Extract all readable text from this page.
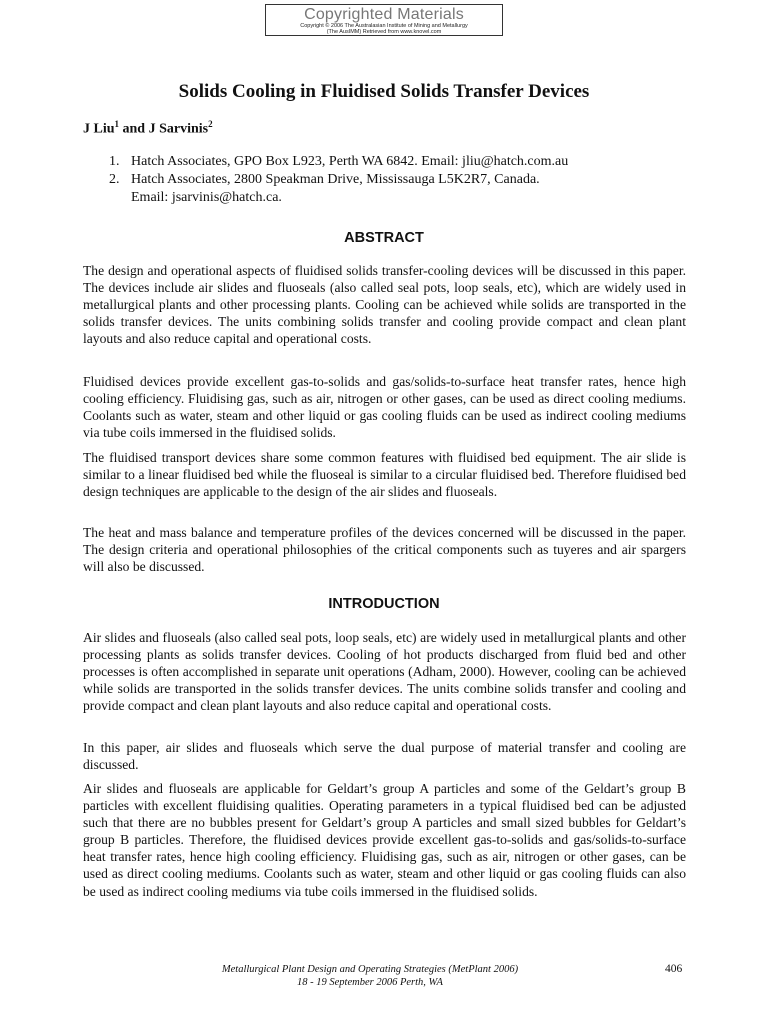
Copyrighted Materials
Copyright © 2006 The Australasian Institute of Mining and Metallurgy
(The AusIMM) Retrieved from www.knovel.com
Solids Cooling in Fluidised Solids Transfer Devices
J Liu$^1$ and J Sarvinis$^2$
1. Hatch Associates, GPO Box L923, Perth WA 6842. Email: jliu@hatch.com.au
2. Hatch Associates, 2800 Speakman Drive, Mississauga L5K2R7, Canada.
Email: jsarvinis@hatch.ca.
ABSTRACT

The design and operational aspects of fluidised solids transfer-cooling devices will be discussed in this paper. The devices include air slides and fluoseals (also called seal pots, loop seals, etc), which are widely used in metallurgical plants and other processing plants. Cooling can be achieved while solids are transported in the solids transfer devices. The units combining solids transfer and cooling provide compact and clean plant layouts and also reduce capital and operational costs.

Fluidised devices provide excellent gas-to-solids and gas/solids-to-surface heat transfer rates, hence high cooling efficiency. Fluidising gas, such as air, nitrogen or other gases, can be used as direct cooling mediums. Coolants such as water, steam and other liquid or gas cooling fluids can be used as indirect cooling mediums via tube coils immersed in the fluidised solids.

The fluidised transport devices share some common features with fluidised bed equipment. The air slide is similar to a linear fluidised bed while the fluoseal is similar to a circular fluidised bed. Therefore fluidised bed design techniques are applicable to the design of the air slides and fluoseals.

The heat and mass balance and temperature profiles of the devices concerned will be discussed in the paper. The design criteria and operational philosophies of the critical components such as tuyeres and air spargers will also be discussed.

INTRODUCTION

Air slides and fluoseals (also called seal pots, loop seals, etc) are widely used in metallurgical plants and other processing plants as solids transfer devices. Cooling of hot products discharged from fluid bed and other processes is often accomplished in separate unit operations (Adham, 2000). However, cooling can be achieved while solids are transported in the solids transfer devices. The units combine solids transfer and cooling and provide compact and clean plant layouts and also reduce capital and operational costs.

In this paper, air slides and fluoseals which serve the dual purpose of material transfer and cooling are discussed.

Air slides and fluoseals are applicable for Geldart’s group A particles and some of the Geldart’s group B particles with excellent fluidising qualities. Operating parameters in a typical fluidised bed can be adjusted such that there are no bubbles present for Geldart’s group A particles and small sized bubbles for Geldart’s group B particles. Therefore, the fluidised devices provide excellent gas-to-solids and gas/solids-to-surface heat transfer rates, hence high cooling efficiency. Fluidising gas, such as air, nitrogen or other gases, can be used as direct cooling mediums. Coolants such as water, steam and other liquid or gas cooling fluids can also be used as indirect cooling mediums via tube coils immersed in the fluidised solids.

Metallurgical Plant Design and Operating Strategies (MetPlant 2006)
18 - 19 September 2006 Perth, WA
406
